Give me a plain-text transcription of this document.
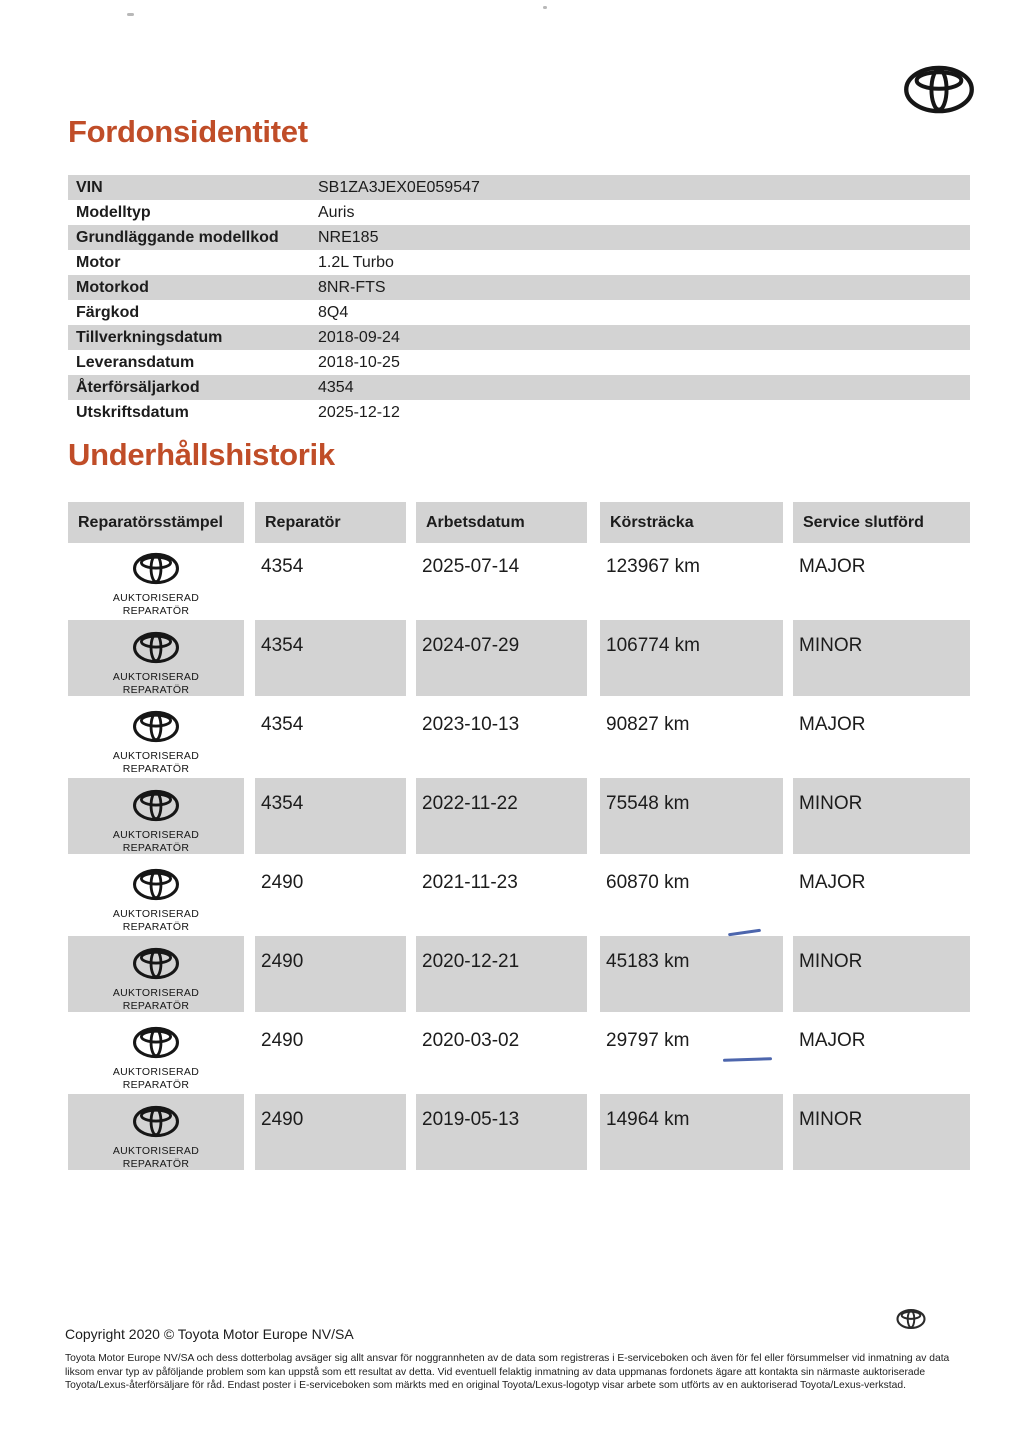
Fordonsidentitet
VIN	SB1ZA3JEX0E059547
Modelltyp	Auris
Grundläggande modellkod	NRE185
Motor	1.2L Turbo
Motorkod	8NR-FTS
Färgkod	8Q4
Tillverkningsdatum	2018-09-24
Leveransdatum	2018-10-25
Återförsäljarkod	4354
Utskriftsdatum	2025-12-12
Underhållshistorik
Reparatörsstämpel	Reparatör	Arbetsdatum	Körsträcka	Service slutförd
AUKTORISERAD
REPARATÖR
4354	2025-07-14	123967 km	MAJOR
AUKTORISERAD
REPARATÖR
4354	2024-07-29	106774 km	MINOR
AUKTORISERAD
REPARATÖR
4354	2023-10-13	90827 km	MAJOR
AUKTORISERAD
REPARATÖR
4354	2022-11-22	75548 km	MINOR
AUKTORISERAD
REPARATÖR
2490	2021-11-23	60870 km	MAJOR
AUKTORISERAD
REPARATÖR
2490	2020-12-21	45183 km	MINOR
AUKTORISERAD
REPARATÖR
2490	2020-03-02	29797 km	MAJOR
AUKTORISERAD
REPARATÖR
2490	2019-05-13	14964 km	MINOR
Copyright 2020 © Toyota Motor Europe NV/SA
Toyota Motor Europe NV/SA och dess dotterbolag avsäger sig allt ansvar för noggrannheten av de data som registreras i E-serviceboken och även för fel eller försummelser vid inmatning av data
liksom envar typ av påföljande problem som kan uppstå som ett resultat av detta. Vid eventuell felaktig inmatning av data uppmanas fordonets ägare att kontakta sin närmaste auktoriserade
Toyota/Lexus-återförsäljare för råd. Endast poster i E-serviceboken som märkts med en original Toyota/Lexus-logotyp visar arbete som utförts av en auktoriserad Toyota/Lexus-verkstad.
